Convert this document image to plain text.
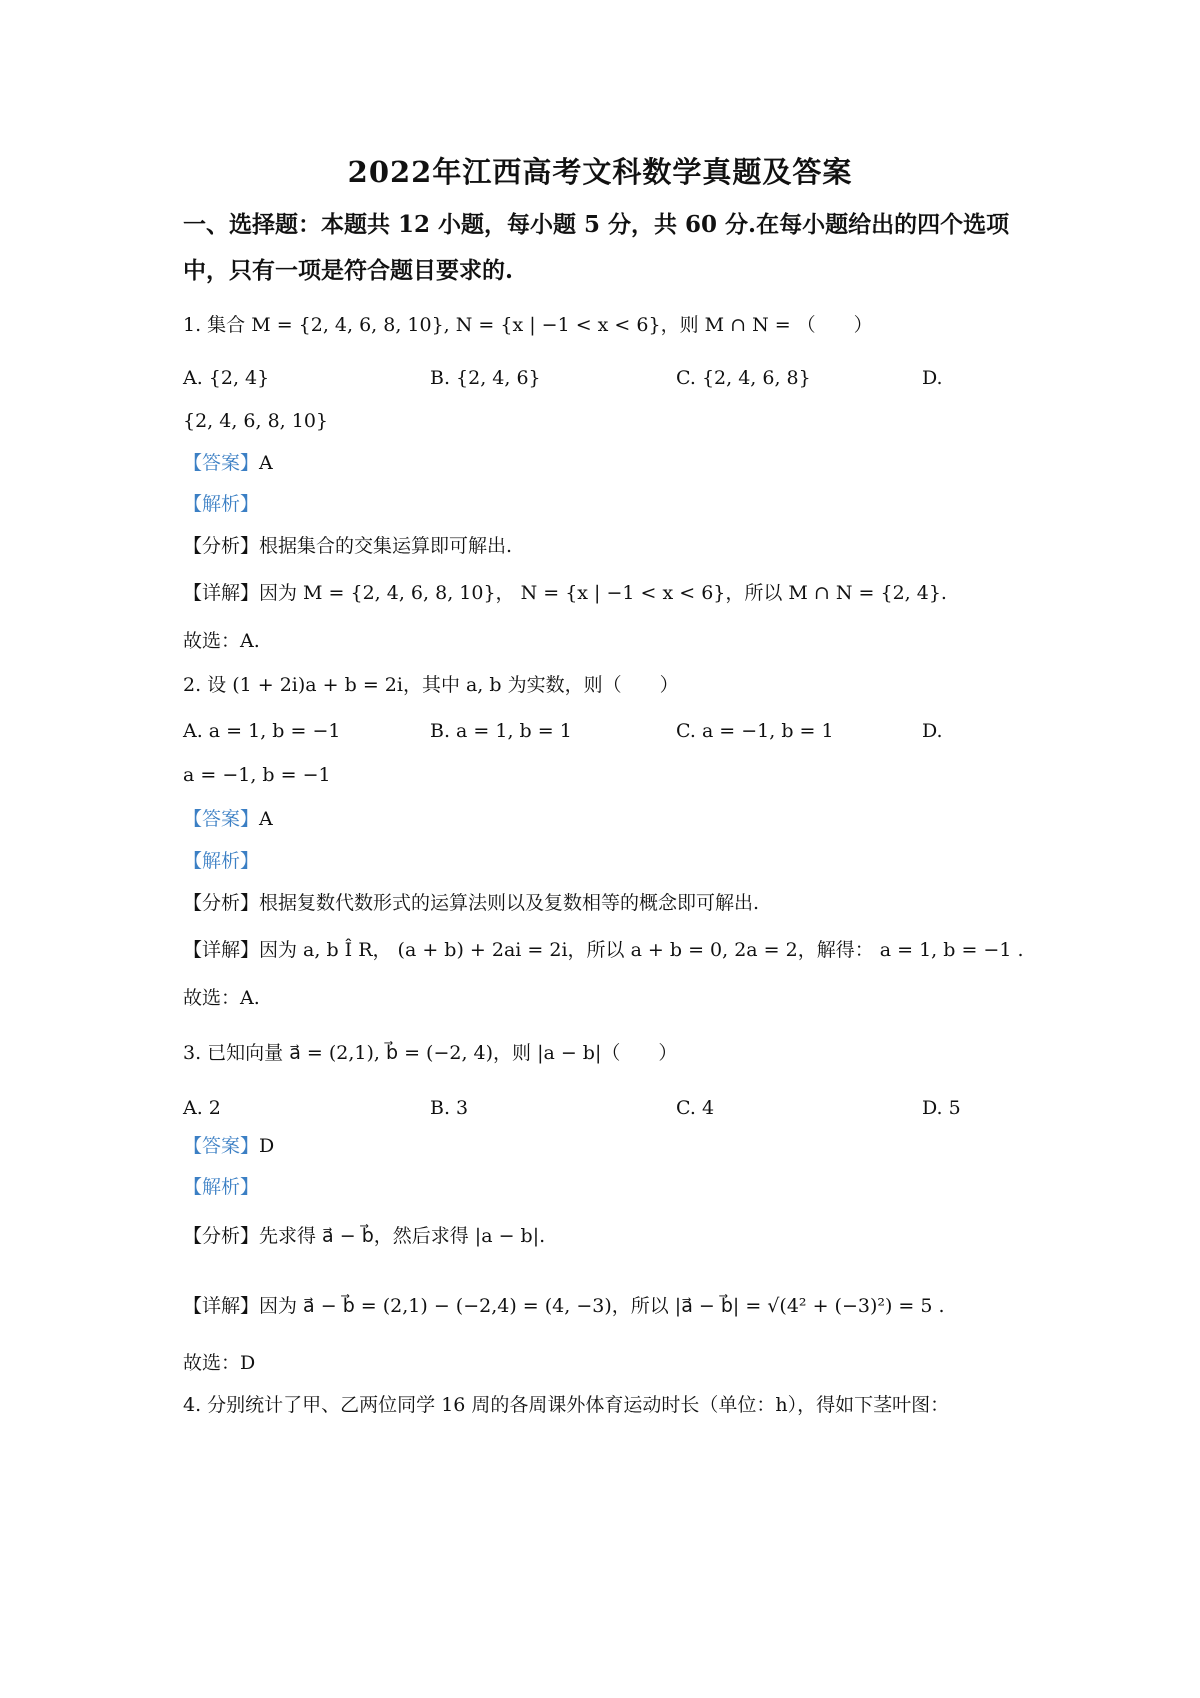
2022年江西高考文科数学真题及答案
一、选择题：本题共 12 小题，每小题 5 分，共 60 分.在每小题给出的四个选项
中，只有一项是符合题目要求的.
1. 集合 M = {2, 4, 6, 8, 10}, N = {x | −1 < x < 6}，则 M ∩ N = （　　）
A. {2, 4}	B. {2, 4, 6}	C. {2, 4, 6, 8}	D.
{2, 4, 6, 8, 10}
【答案】A
【解析】
【分析】根据集合的交集运算即可解出.
【详解】因为 M = {2, 4, 6, 8, 10}， N = {x | −1 < x < 6}，所以 M ∩ N = {2, 4}.
故选：A.
2. 设 (1 + 2i)a + b = 2i，其中 a, b 为实数，则（　　）
A. a = 1, b = −1	B. a = 1, b = 1	C. a = −1, b = 1	D.
a = −1, b = −1
【答案】A
【解析】
【分析】根据复数代数形式的运算法则以及复数相等的概念即可解出.
【详解】因为 a, b Î R， (a + b) + 2ai = 2i，所以 a + b = 0, 2a = 2，解得： a = 1, b = −1 .
故选：A.
3. 已知向量 a⃗ = (2,1), b⃗ = (−2, 4)，则 |a − b|（　　）
A. 2	B. 3	C. 4	D. 5
【答案】D
【解析】
【分析】先求得 a⃗ − b⃗，然后求得 |a − b|.
【详解】因为 a⃗ − b⃗ = (2,1) − (−2,4) = (4, −3)，所以 |a⃗ − b⃗| = √(4² + (−3)²) = 5 .
故选：D
4. 分别统计了甲、乙两位同学 16 周的各周课外体育运动时长（单位：h），得如下茎叶图：
